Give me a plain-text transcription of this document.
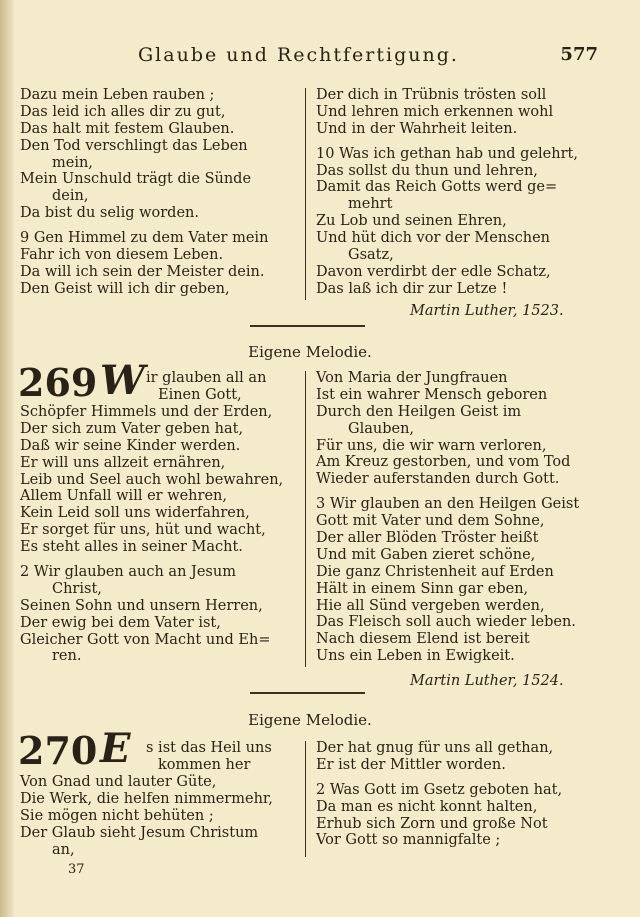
Glaube und Rechtfertigung.	577
Dazu mein Leben rauben ;
Das leid ich alles dir zu gut,
Das halt mit festem Glauben.
Den Tod verschlingt das Leben
mein,
Mein Unschuld trägt die Sünde
dein,
Da bist du selig worden.
9 Gen Himmel zu dem Vater mein
Fahr ich von diesem Leben.
Da will ich sein der Meister dein.
Den Geist will ich dir geben,
Der dich in Trübnis trösten soll
Und lehren mich erkennen wohl
Und in der Wahrheit leiten.
10 Was ich gethan hab und gelehrt,
Das sollst du thun und lehren,
Damit das Reich Gotts werd ge=
mehrt
Zu Lob und seinen Ehren,
Und hüt dich vor der Menschen
Gsatz,
Davon verdirbt der edle Schatz,
Das laß ich dir zur Letze !
Martin Luther, 1523.
Eigene Melodie.
269 W ir glauben all an
Einen Gott,
Schöpfer Himmels und der Erden,
Der sich zum Vater geben hat,
Daß wir seine Kinder werden.
Er will uns allzeit ernähren,
Leib und Seel auch wohl bewahren,
Allem Unfall will er wehren,
Kein Leid soll uns widerfahren,
Er sorget für uns, hüt und wacht,
Es steht alles in seiner Macht.
2 Wir glauben auch an Jesum
Christ,
Seinen Sohn und unsern Herren,
Der ewig bei dem Vater ist,
Gleicher Gott von Macht und Eh=
ren.
Von Maria der Jungfrauen
Ist ein wahrer Mensch geboren
Durch den Heilgen Geist im
Glauben,
Für uns, die wir warn verloren,
Am Kreuz gestorben, und vom Tod
Wieder auferstanden durch Gott.
3 Wir glauben an den Heilgen Geist
Gott mit Vater und dem Sohne,
Der aller Blöden Tröster heißt
Und mit Gaben zieret schöne,
Die ganz Christenheit auf Erden
Hält in einem Sinn gar eben,
Hie all Sünd vergeben werden,
Das Fleisch soll auch wieder leben.
Nach diesem Elend ist bereit
Uns ein Leben in Ewigkeit.
Martin Luther, 1524.
Eigene Melodie.
270 E s ist das Heil uns
kommen her
Von Gnad und lauter Güte,
Die Werk, die helfen nimmermehr,
Sie mögen nicht behüten ;
Der Glaub sieht Jesum Christum
an,
Der hat gnug für uns all gethan,
Er ist der Mittler worden.
2 Was Gott im Gsetz geboten hat,
Da man es nicht konnt halten,
Erhub sich Zorn und große Not
Vor Gott so mannigfalte ;
37
